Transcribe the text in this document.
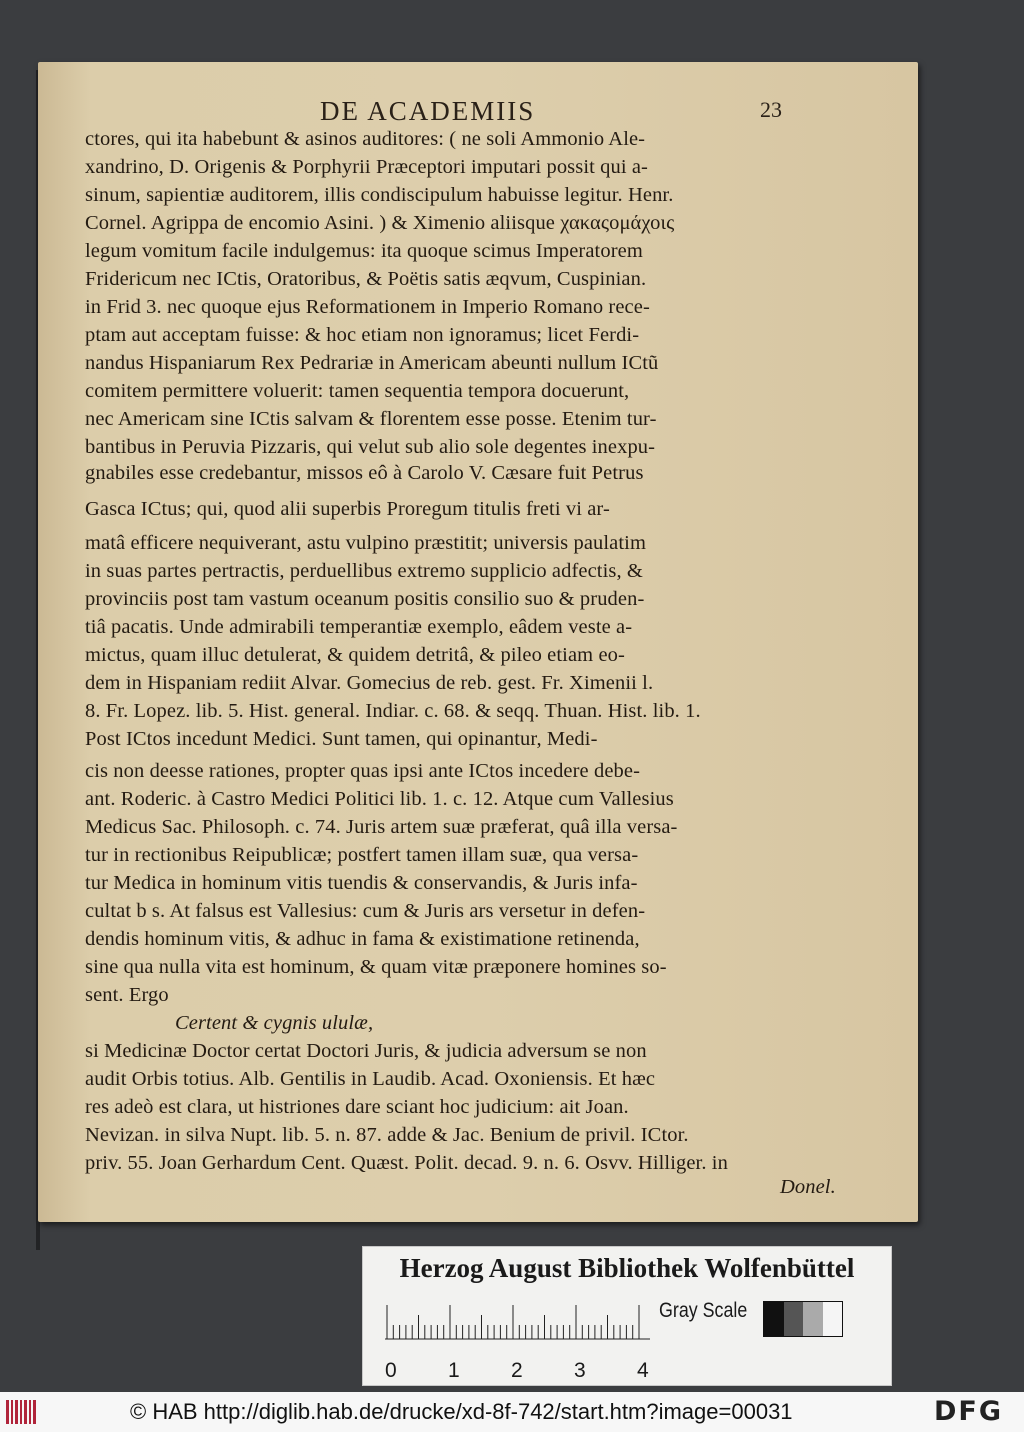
DE ACADEMIIS	23
ctores, qui ita habebunt & asinos auditores: ( ne soli Ammonio Ale-
xandrino, D. Origenis & Porphyrii Præceptori imputari possit qui a-
sinum, sapientiæ auditorem, illis condiscipulum habuisse legitur. Henr.
Cornel. Agrippa de encomio Asini. ) & Ximenio aliisque χακαςομάχοις
legum vomitum facile indulgemus: ita quoque scimus Imperatorem
Fridericum nec ICtis, Oratoribus, & Poëtis satis æqvum, Cuspinian.
in Frid 3. nec quoque ejus Reformationem in Imperio Romano rece-
ptam aut acceptam fuisse: & hoc etiam non ignoramus; licet Ferdi-
nandus Hispaniarum Rex Pedrariæ in Americam abeunti nullum ICtũ
comitem permittere voluerit: tamen sequentia tempora docuerunt,
nec Americam sine ICtis salvam & florentem esse posse. Etenim tur-
bantibus in Peruvia Pizzaris, qui velut sub alio sole degentes inexpu-
gnabiles esse credebantur, missos eô à Carolo V. Cæsare fuit Petrus
Gasca ICtus; qui, quod alii superbis Proregum titulis freti vi ar-
matâ efficere nequiverant, astu vulpino præstitit; universis paulatim
in suas partes pertractis, perduellibus extremo supplicio adfectis, &
provinciis post tam vastum oceanum positis consilio suo & pruden-
tiâ pacatis. Unde admirabili temperantiæ exemplo, eâdem veste a-
mictus, quam illuc detulerat, & quidem detritâ, & pileo etiam eo-
dem in Hispaniam rediit Alvar. Gomecius de reb. gest. Fr. Ximenii l.
8. Fr. Lopez. lib. 5. Hist. general. Indiar. c. 68. & seqq. Thuan. Hist. lib. 1.
Post ICtos incedunt Medici. Sunt tamen, qui opinantur, Medi-
cis non deesse rationes, propter quas ipsi ante ICtos incedere debe-
ant. Roderic. à Castro Medici Politici lib. 1. c. 12. Atque cum Vallesius
Medicus Sac. Philosoph. c. 74. Juris artem suæ præferat, quâ illa versa-
tur in rectionibus Reipublicæ; postfert tamen illam suæ, qua versa-
tur Medica in hominum vitis tuendis & conservandis, & Juris infa-
cultat b s. At falsus est Vallesius: cum & Juris ars versetur in defen-
dendis hominum vitis, & adhuc in fama & existimatione retinenda,
sine qua nulla vita est hominum, & quam vitæ præponere homines so-
sent. Ergo
Certent & cygnis ululæ,
si Medicinæ Doctor certat Doctori Juris, & judicia adversum se non
audit Orbis totius. Alb. Gentilis in Laudib. Acad. Oxoniensis. Et hæc
res adeò est clara, ut histriones dare sciant hoc judicium: ait Joan.
Nevizan. in silva Nupt. lib. 5. n. 87. adde & Jac. Benium de privil. ICtor.
priv. 55. Joan Gerhardum Cent. Quæst. Polit. decad. 9. n. 6. Osvv. Hilliger. in
Donel.
Herzog August Bibliothek Wolfenbüttel
0 1 2 3 4
Gray Scale
© HAB http://diglib.hab.de/drucke/xd-8f-742/start.htm?image=00031	DFG
